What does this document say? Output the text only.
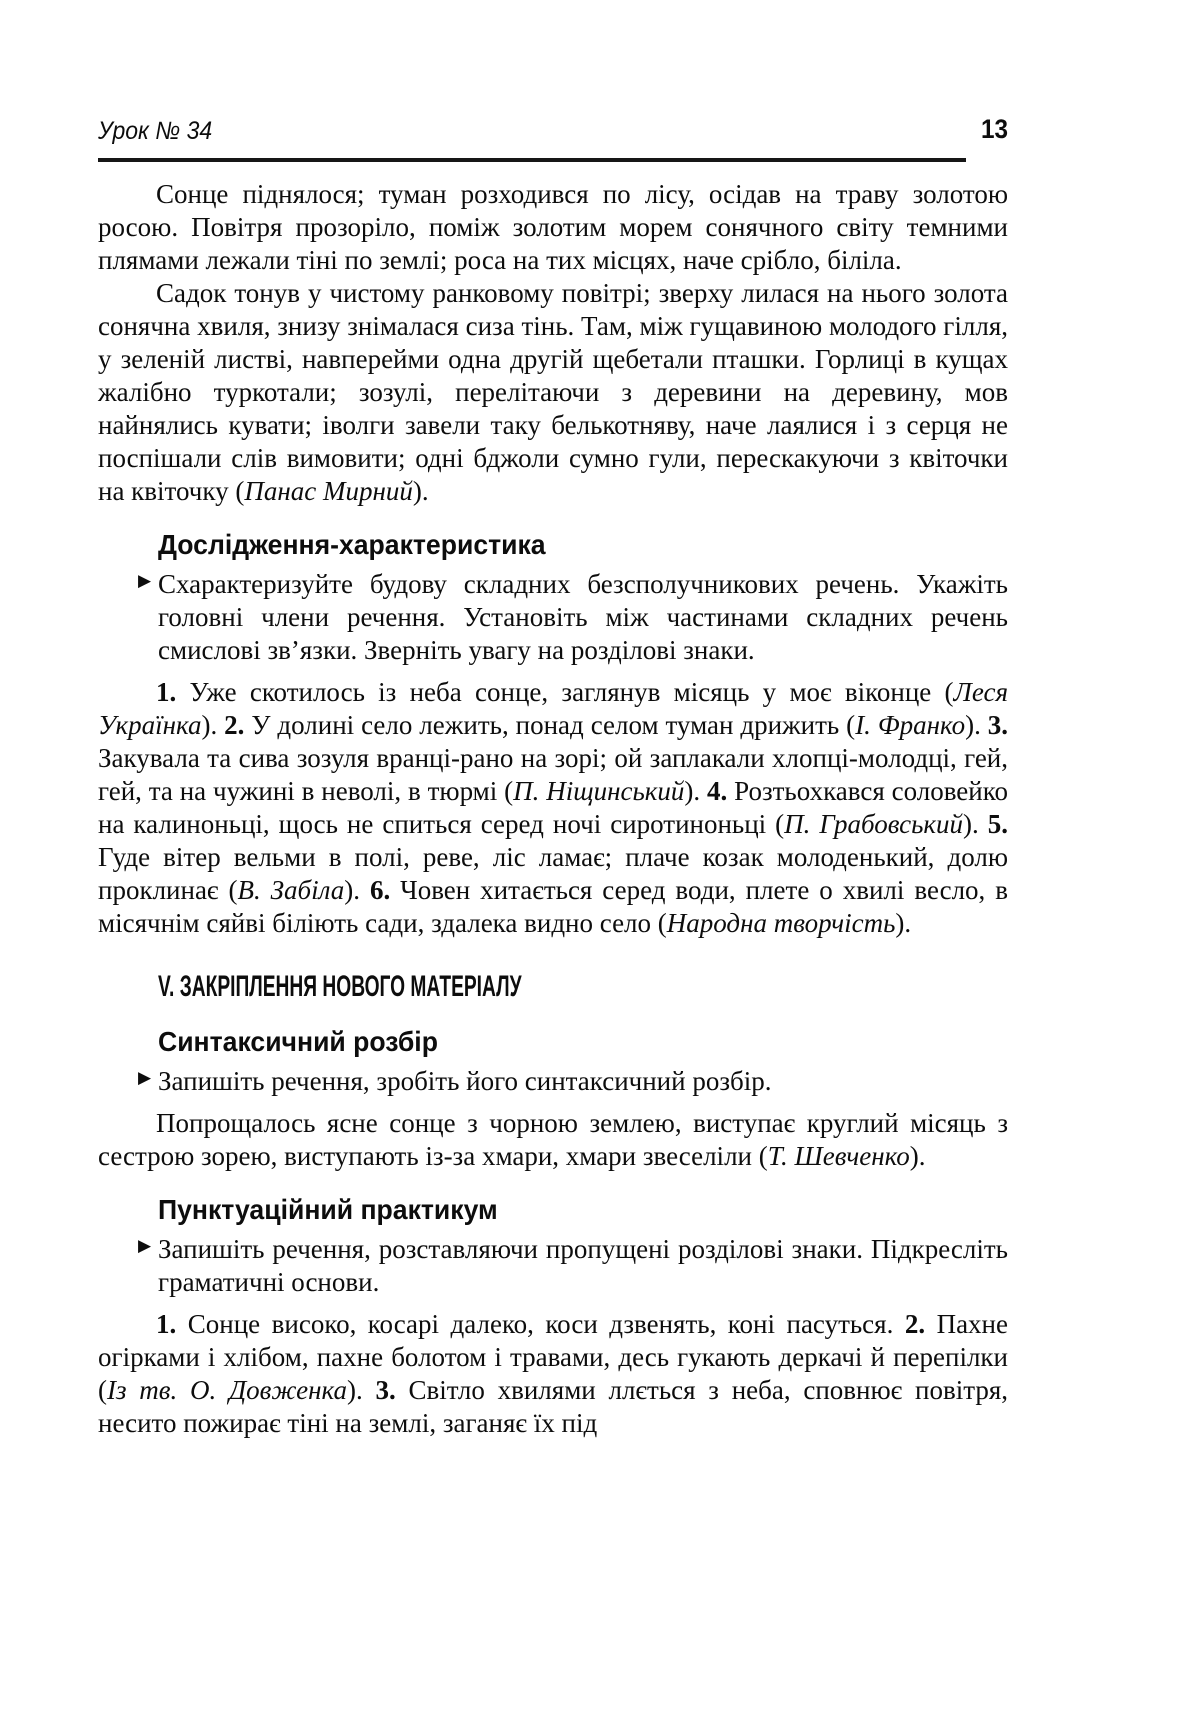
Урок № 34	13

Сонце піднялося; туман розходився по лісу, осідав на траву золотою росою. Повітря прозоріло, поміж золотим морем сонячного світу темними плямами лежали тіні по землі; роса на тих місцях, наче срібло, біліла.

Садок тонув у чистому ранковому повітрі; зверху лилася на нього золота сонячна хвиля, знизу знімалася сиза тінь. Там, між гущавиною молодого гілля, у зеленій листві, навперейми одна другій щебетали пташки. Горлиці в кущах жалібно туркотали; зозулі, перелітаючи з деревини на деревину, мов найнялись кувати; іволги завели таку белькотняву, наче лаялися і з серця не поспішали слів вимовити; одні бджоли сумно гули, перескакуючи з квіточки на квіточку (Панас Мирний).

Дослідження-характеристика
▶ Схарактеризуйте будову складних безсполучникових речень. Укажіть головні члени речення. Установіть між частинами складних речень смислові зв’язки. Зверніть увагу на розділові знаки.

1. Уже скотилось із неба сонце, заглянув місяць у моє віконце (Леся Українка). 2. У долині село лежить, понад селом туман дрижить (І. Франко). 3. Закувала та сива зозуля вранці-рано на зорі; ой заплакали хлопці-молодці, гей, гей, та на чужині в неволі, в тюрмі (П. Ніщинський). 4. Розтьохкався соловейко на калиноньці, щось не спиться серед ночі сиротиноньці (П. Грабовський). 5. Гуде вітер вельми в полі, реве, ліс ламає; плаче козак молоденький, долю проклинає (В. Забіла). 6. Човен хитається серед води, плете о хвилі весло, в місячнім сяйві біліють сади, здалека видно село (Народна творчість).

V. ЗАКРІПЛЕННЯ НОВОГО МАТЕРІАЛУ
Синтаксичний розбір
▶ Запишіть речення, зробіть його синтаксичний розбір.

Попрощалось ясне сонце з чорною землею, виступає круглий місяць з сестрою зорею, виступають із-за хмари, хмари звеселіли (Т. Шевченко).

Пунктуаційний практикум
▶ Запишіть речення, розставляючи пропущені розділові знаки. Підкресліть граматичні основи.

1. Сонце високо, косарі далеко, коси дзвенять, коні пасуться. 2. Пахне огірками і хлібом, пахне болотом і травами, десь гукають деркачі й перепілки (Із тв. О. Довженка). 3. Світло хвилями ллється з неба, сповнює повітря, несито пожирає тіні на землі, заганяє їх під
